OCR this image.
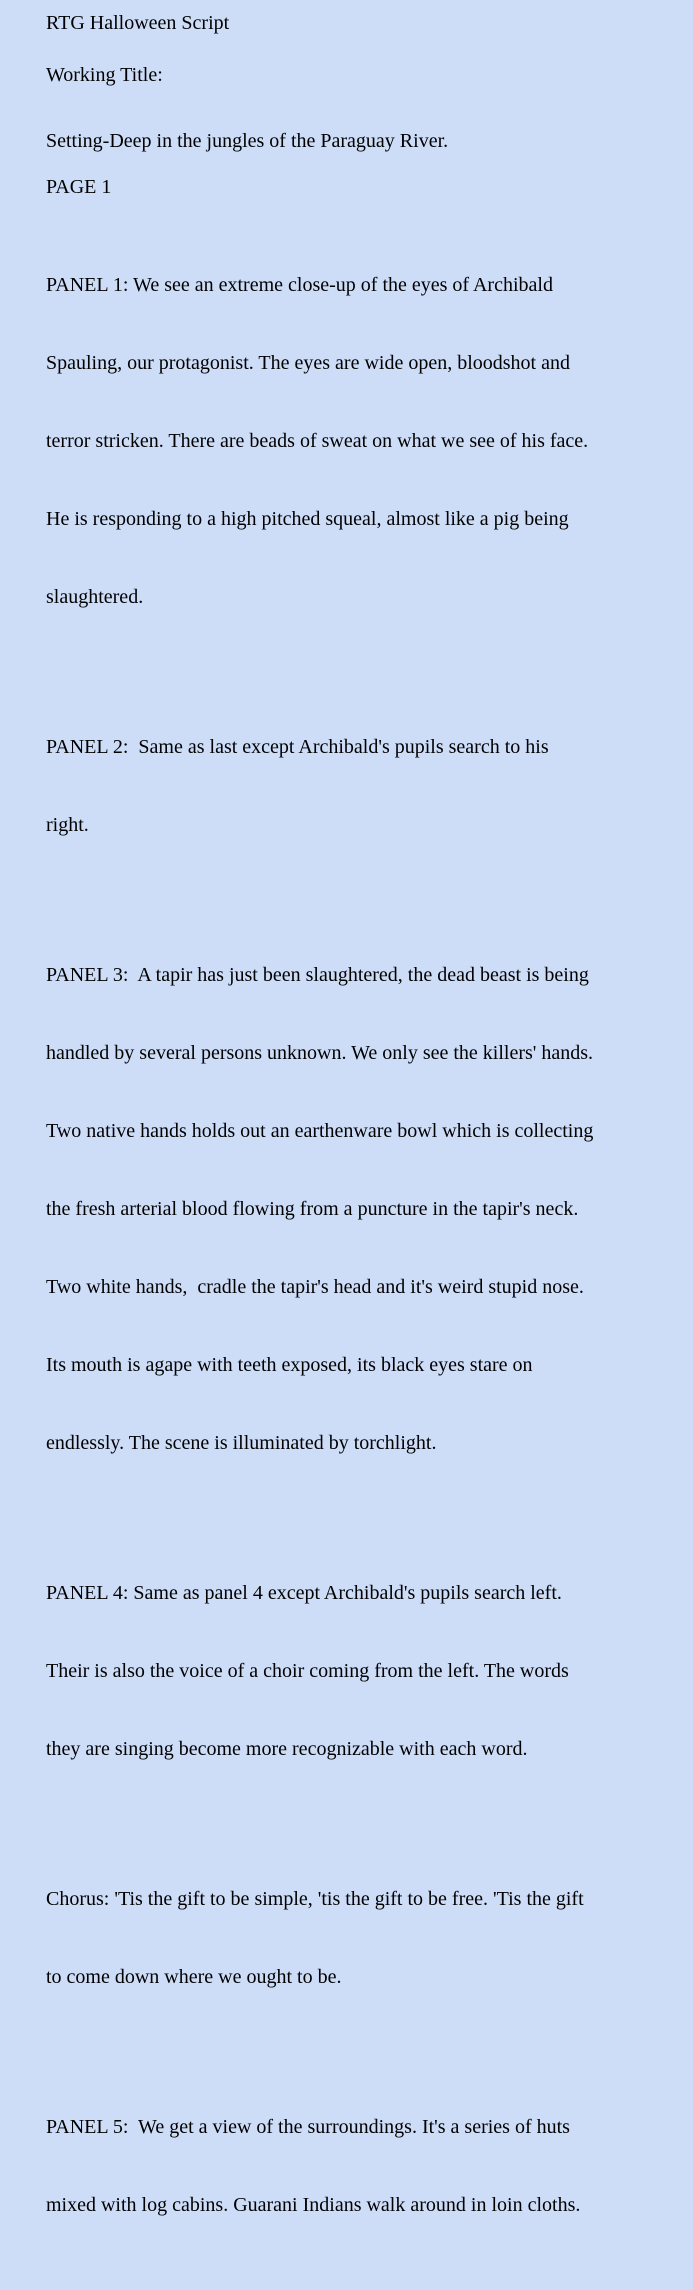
RTG Halloween Script

Working Title:

Setting-Deep in the jungles of the Paraguay River.

PAGE 1

PANEL 1: We see an extreme close-up of the eyes of Archibald

Spauling, our protagonist. The eyes are wide open, bloodshot and

terror stricken. There are beads of sweat on what we see of his face.

He is responding to a high pitched squeal, almost like a pig being

slaughtered.

PANEL 2:  Same as last except Archibald's pupils search to his

right.

PANEL 3:  A tapir has just been slaughtered, the dead beast is being

handled by several persons unknown. We only see the killers' hands.

Two native hands holds out an earthenware bowl which is collecting

the fresh arterial blood flowing from a puncture in the tapir's neck.

Two white hands,  cradle the tapir's head and it's weird stupid nose.

Its mouth is agape with teeth exposed, its black eyes stare on

endlessly. The scene is illuminated by torchlight.

PANEL 4: Same as panel 4 except Archibald's pupils search left.

Their is also the voice of a choir coming from the left. The words

they are singing become more recognizable with each word.

Chorus: 'Tis the gift to be simple, 'tis the gift to be free. 'Tis the gift

to come down where we ought to be.

PANEL 5:  We get a view of the surroundings. It's a series of huts

mixed with log cabins. Guarani Indians walk around in loin cloths.
